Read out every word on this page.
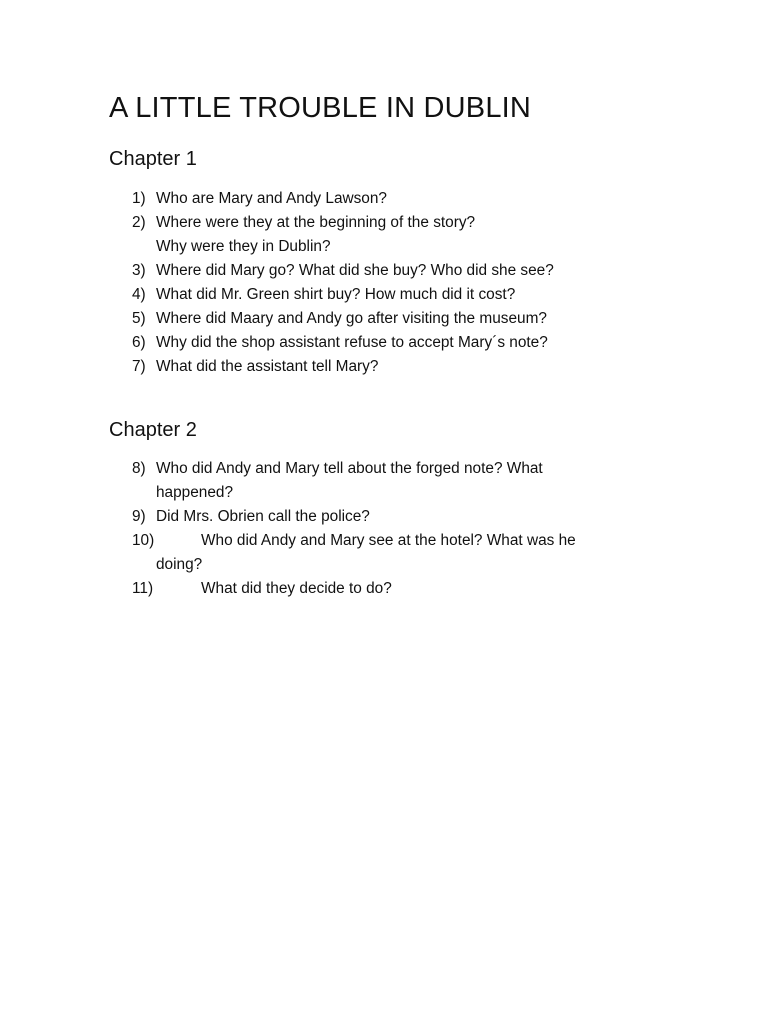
A LITTLE TROUBLE IN DUBLIN
Chapter 1
1) Who are Mary and Andy Lawson?
2) Where were they at the beginning of the story?
Why were they in Dublin?
3) Where did Mary go? What did she buy? Who did she see?
4) What did Mr. Green shirt buy? How much did it cost?
5) Where did Maary and Andy go after visiting the museum?
6) Why did the shop assistant refuse to accept Mary´s note?
7) What did the assistant tell Mary?
Chapter 2
8) Who did Andy and Mary tell about the forged note? What
happened?
9) Did Mrs. Obrien call the police?
10)	Who did Andy and Mary see at the hotel? What was he
doing?
11)	What did they decide to do?
